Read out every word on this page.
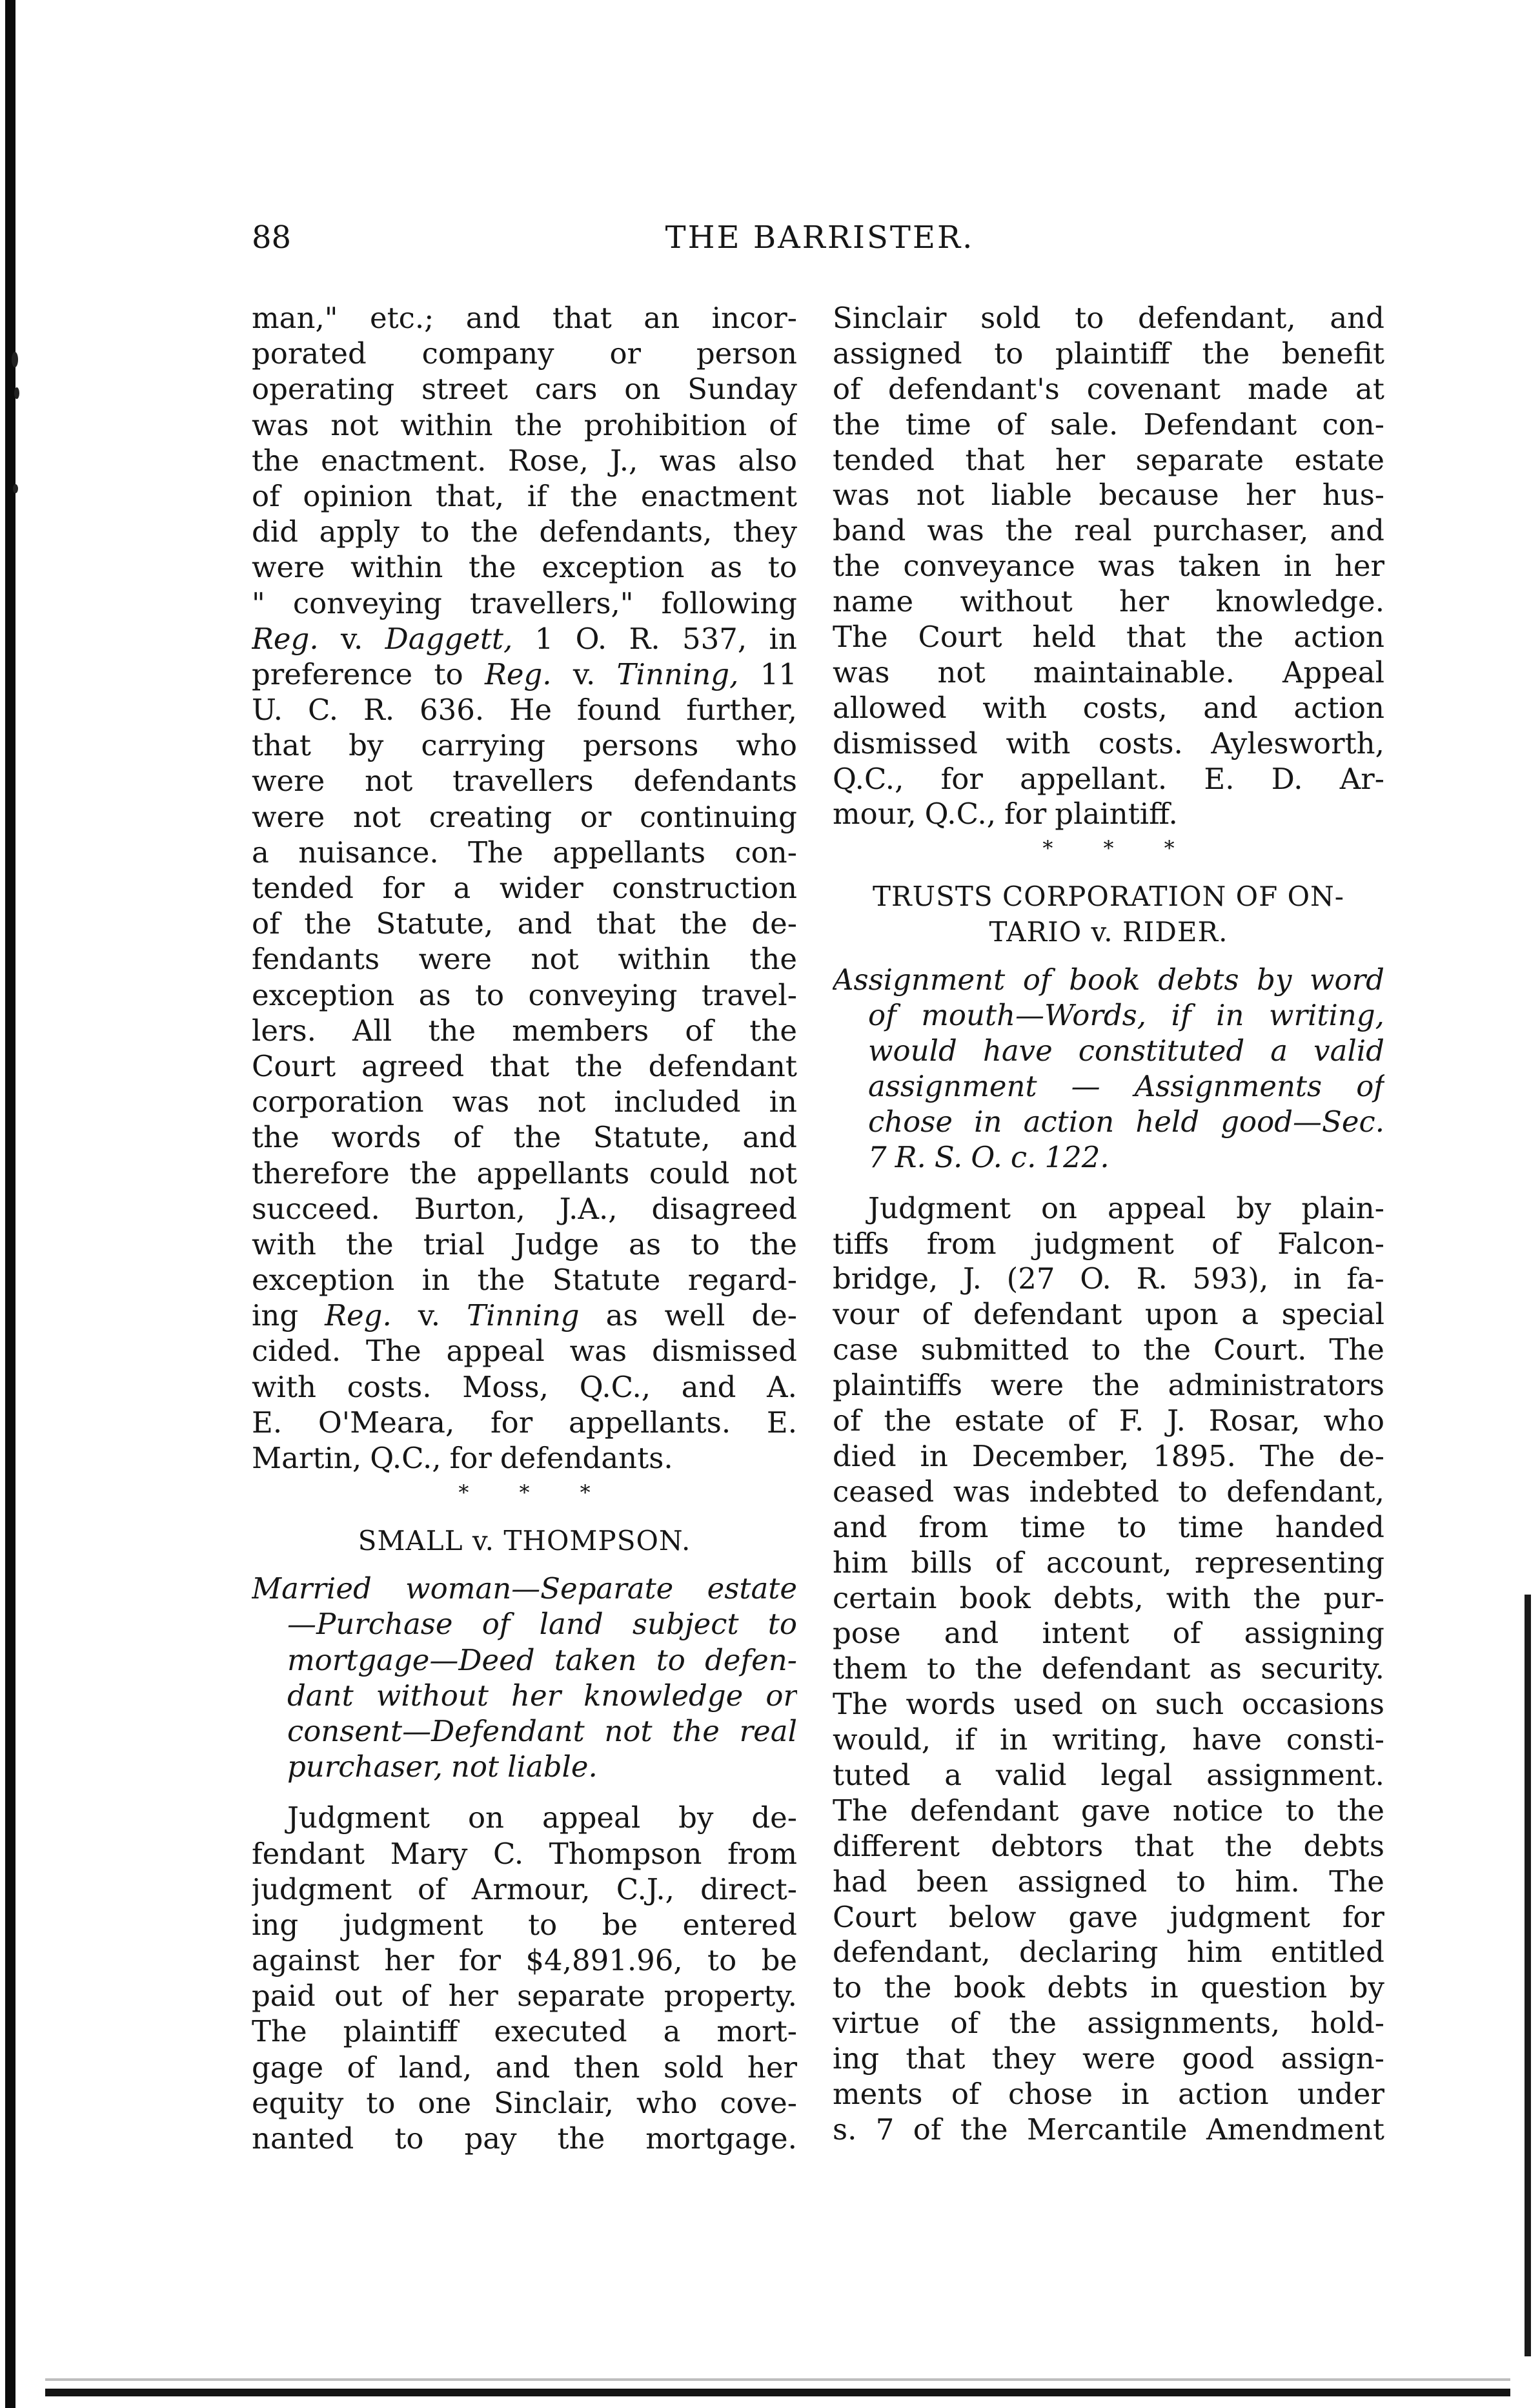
88	THE BARRISTER.
man," etc.; and that an incor-
porated company or person
operating street cars on Sunday
was not within the prohibition of
the enactment. Rose, J., was also
of opinion that, if the enactment
did apply to the defendants, they
were within the exception as to
" conveying travellers," following
Reg. v. Daggett, 1 O. R. 537, in
preference to Reg. v. Tinning, 11
U. C. R. 636. He found further,
that by carrying persons who
were not travellers defendants
were not creating or continuing
a nuisance. The appellants con-
tended for a wider construction
of the Statute, and that the de-
fendants were not within the
exception as to conveying travel-
lers. All the members of the
Court agreed that the defendant
corporation was not included in
the words of the Statute, and
therefore the appellants could not
succeed. Burton, J.A., disagreed
with the trial Judge as to the
exception in the Statute regard-
ing Reg. v. Tinning as well de-
cided. The appeal was dismissed
with costs. Moss, Q.C., and A.
E. O'Meara, for appellants. E.
Martin, Q.C., for defendants.
* * *
SMALL v. THOMPSON.
Married woman—Separate estate
—Purchase of land subject to
mortgage—Deed taken to defen-
dant without her knowledge or
consent—Defendant not the real
purchaser, not liable.
Judgment on appeal by de-
fendant Mary C. Thompson from
judgment of Armour, C.J., direct-
ing judgment to be entered
against her for $4,891.96, to be
paid out of her separate property.
The plaintiff executed a mort-
gage of land, and then sold her
equity to one Sinclair, who cove-
nanted to pay the mortgage.
Sinclair sold to defendant, and
assigned to plaintiff the benefit
of defendant's covenant made at
the time of sale. Defendant con-
tended that her separate estate
was not liable because her hus-
band was the real purchaser, and
the conveyance was taken in her
name without her knowledge.
The Court held that the action
was not maintainable. Appeal
allowed with costs, and action
dismissed with costs. Aylesworth,
Q.C., for appellant. E. D. Ar-
mour, Q.C., for plaintiff.
* * *
TRUSTS CORPORATION OF ON-
TARIO v. RIDER.
Assignment of book debts by word
of mouth—Words, if in writing,
would have constituted a valid
assignment — Assignments of
chose in action held good—Sec.
7 R. S. O. c. 122.
Judgment on appeal by plain-
tiffs from judgment of Falcon-
bridge, J. (27 O. R. 593), in fa-
vour of defendant upon a special
case submitted to the Court. The
plaintiffs were the administrators
of the estate of F. J. Rosar, who
died in December, 1895. The de-
ceased was indebted to defendant,
and from time to time handed
him bills of account, representing
certain book debts, with the pur-
pose and intent of assigning
them to the defendant as security.
The words used on such occasions
would, if in writing, have consti-
tuted a valid legal assignment.
The defendant gave notice to the
different debtors that the debts
had been assigned to him. The
Court below gave judgment for
defendant, declaring him entitled
to the book debts in question by
virtue of the assignments, hold-
ing that they were good assign-
ments of chose in action under
s. 7 of the Mercantile Amendment
